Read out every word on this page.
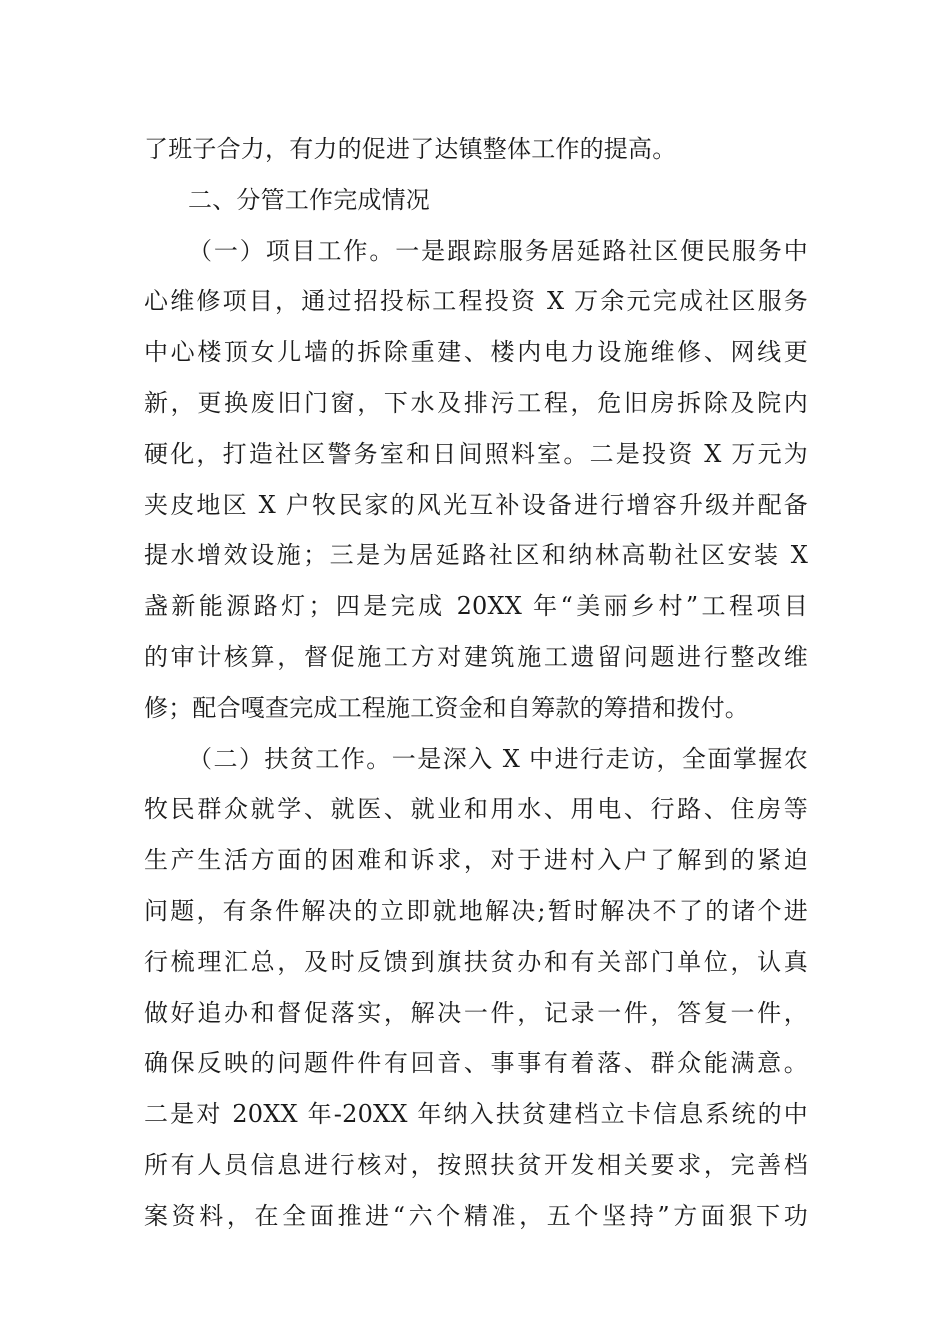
了班子合力，有力的促进了达镇整体工作的提高。
二、分管工作完成情况
（一）项目工作。一是跟踪服务居延路社区便民服务中
心维修项目，通过招投标工程投资 X 万余元完成社区服务
中心楼顶女儿墙的拆除重建、楼内电力设施维修、网线更
新，更换废旧门窗，下水及排污工程，危旧房拆除及院内
硬化，打造社区警务室和日间照料室。二是投资 X 万元为
夹皮地区 X 户牧民家的风光互补设备进行增容升级并配备
提水增效设施；三是为居延路社区和纳林高勒社区安装 X
盏新能源路灯；四是完成 20XX 年“美丽乡村”工程项目
的审计核算，督促施工方对建筑施工遗留问题进行整改维
修；配合嘎查完成工程施工资金和自筹款的筹措和拨付。
（二）扶贫工作。一是深入 X 中进行走访，全面掌握农
牧民群众就学、就医、就业和用水、用电、行路、住房等
生产生活方面的困难和诉求，对于进村入户了解到的紧迫
问题，有条件解决的立即就地解决;暂时解决不了的诸个进
行梳理汇总，及时反馈到旗扶贫办和有关部门单位，认真
做好追办和督促落实，解决一件，记录一件，答复一件，
确保反映的问题件件有回音、事事有着落、群众能满意。
二是对 20XX 年-20XX 年纳入扶贫建档立卡信息系统的中
所有人员信息进行核对，按照扶贫开发相关要求，完善档
案资料，在全面推进“六个精准，五个坚持”方面狠下功
